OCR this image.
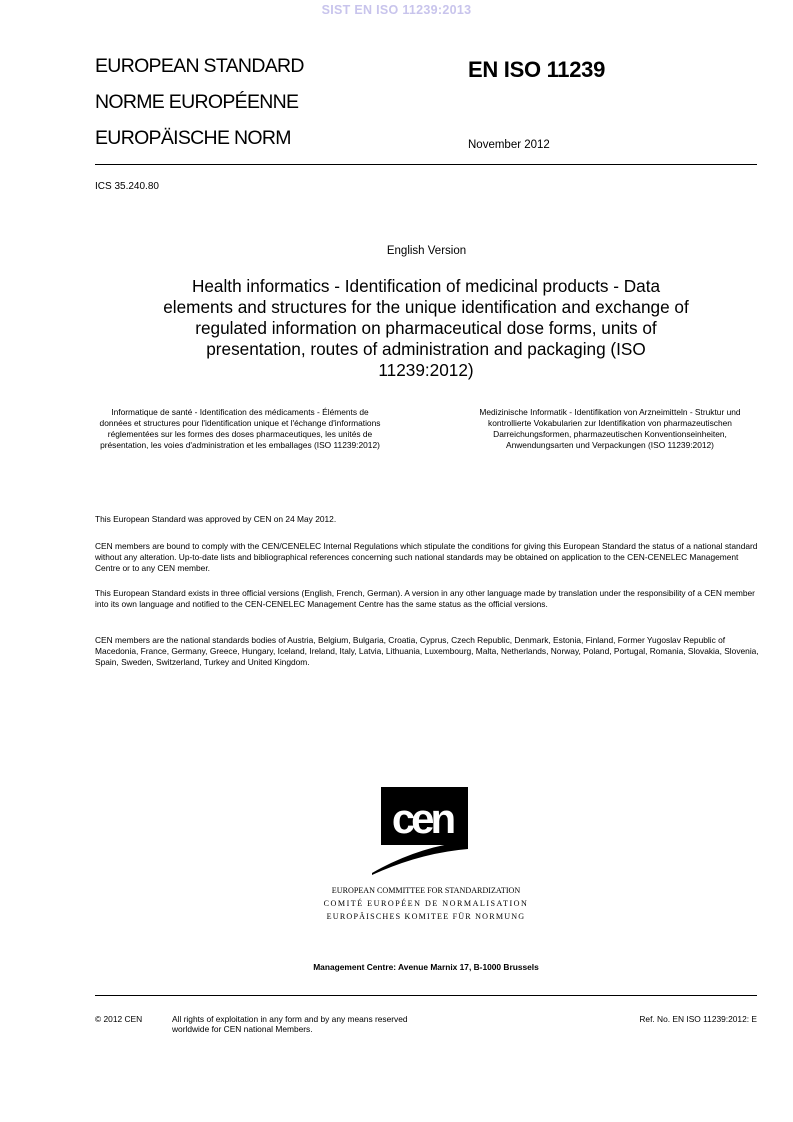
SIST EN ISO 11239:2013
EUROPEAN STANDARD
NORME EUROPÉENNE
EUROPÄISCHE NORM
EN ISO 11239
November 2012
ICS 35.240.80
English Version
Health informatics - Identification of medicinal products - Data elements and structures for the unique identification and exchange of regulated information on pharmaceutical dose forms, units of presentation, routes of administration and packaging (ISO 11239:2012)
Informatique de santé - Identification des médicaments - Éléments de données et structures pour l'identification unique et l'échange d'informations réglementées sur les formes des doses pharmaceutiques, les unités de présentation, les voies d'administration et les emballages (ISO 11239:2012)
Medizinische Informatik - Identifikation von Arzneimitteln - Struktur und kontrollierte Vokabularien zur Identifikation von pharmazeutischen Darreichungsformen, pharmazeutischen Konventionseinheiten, Anwendungsarten und Verpackungen (ISO 11239:2012)
This European Standard was approved by CEN on 24 May 2012.
CEN members are bound to comply with the CEN/CENELEC Internal Regulations which stipulate the conditions for giving this European Standard the status of a national standard without any alteration. Up-to-date lists and bibliographical references concerning such national standards may be obtained on application to the CEN-CENELEC Management Centre or to any CEN member.
This European Standard exists in three official versions (English, French, German). A version in any other language made by translation under the responsibility of a CEN member into its own language and notified to the CEN-CENELEC Management Centre has the same status as the official versions.
CEN members are the national standards bodies of Austria, Belgium, Bulgaria, Croatia, Cyprus, Czech Republic, Denmark, Estonia, Finland, Former Yugoslav Republic of Macedonia, France, Germany, Greece, Hungary, Iceland, Ireland, Italy, Latvia, Lithuania, Luxembourg, Malta, Netherlands, Norway, Poland, Portugal, Romania, Slovakia, Slovenia, Spain, Sweden, Switzerland, Turkey and United Kingdom.
cen
EUROPEAN COMMITTEE FOR STANDARDIZATION
COMITÉ EUROPÉEN DE NORMALISATION
EUROPÄISCHES KOMITEE FÜR NORMUNG
Management Centre: Avenue Marnix 17, B-1000 Brussels
© 2012 CEN	All rights of exploitation in any form and by any means reserved
worldwide for CEN national Members.
Ref. No. EN ISO 11239:2012: E
